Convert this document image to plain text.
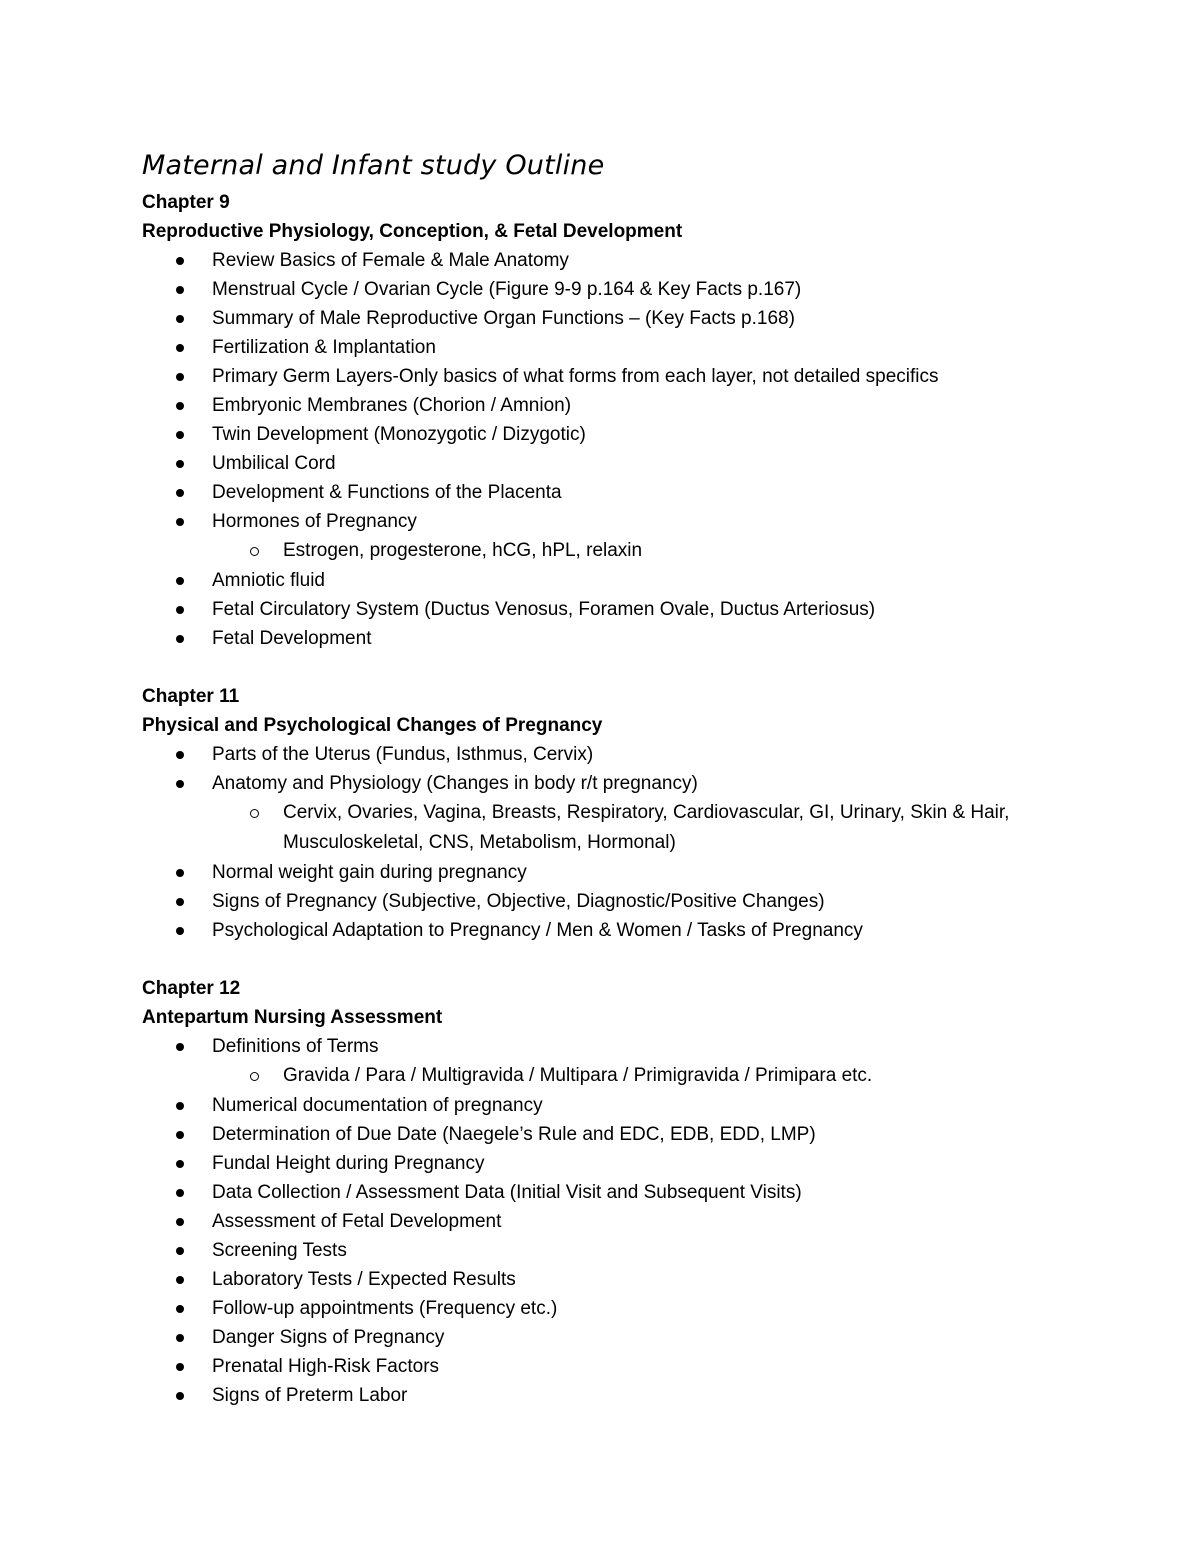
Maternal and Infant study Outline
Chapter 9
Reproductive Physiology, Conception, & Fetal Development
Review Basics of Female & Male Anatomy
Menstrual Cycle / Ovarian Cycle (Figure 9-9 p.164 & Key Facts p.167)
Summary of Male Reproductive Organ Functions – (Key Facts p.168)
Fertilization & Implantation
Primary Germ Layers-Only basics of what forms from each layer, not detailed specifics
Embryonic Membranes (Chorion / Amnion)
Twin Development (Monozygotic / Dizygotic)
Umbilical Cord
Development & Functions of the Placenta
Hormones of Pregnancy
Estrogen, progesterone, hCG, hPL, relaxin
Amniotic fluid
Fetal Circulatory System (Ductus Venosus, Foramen Ovale, Ductus Arteriosus)
Fetal Development
Chapter 11
Physical and Psychological Changes of Pregnancy
Parts of the Uterus (Fundus, Isthmus, Cervix)
Anatomy and Physiology (Changes in body r/t pregnancy)
Cervix, Ovaries, Vagina, Breasts, Respiratory, Cardiovascular, GI, Urinary, Skin & Hair, Musculoskeletal, CNS, Metabolism, Hormonal)
Normal weight gain during pregnancy
Signs of Pregnancy (Subjective, Objective, Diagnostic/Positive Changes)
Psychological Adaptation to Pregnancy / Men & Women / Tasks of Pregnancy
Chapter 12
Antepartum Nursing Assessment
Definitions of Terms
Gravida / Para / Multigravida / Multipara / Primigravida / Primipara etc.
Numerical documentation of pregnancy
Determination of Due Date (Naegele’s Rule and EDC, EDB, EDD, LMP)
Fundal Height during Pregnancy
Data Collection / Assessment Data (Initial Visit and Subsequent Visits)
Assessment of Fetal Development
Screening Tests
Laboratory Tests / Expected Results
Follow-up appointments (Frequency etc.)
Danger Signs of Pregnancy
Prenatal High-Risk Factors
Signs of Preterm Labor
